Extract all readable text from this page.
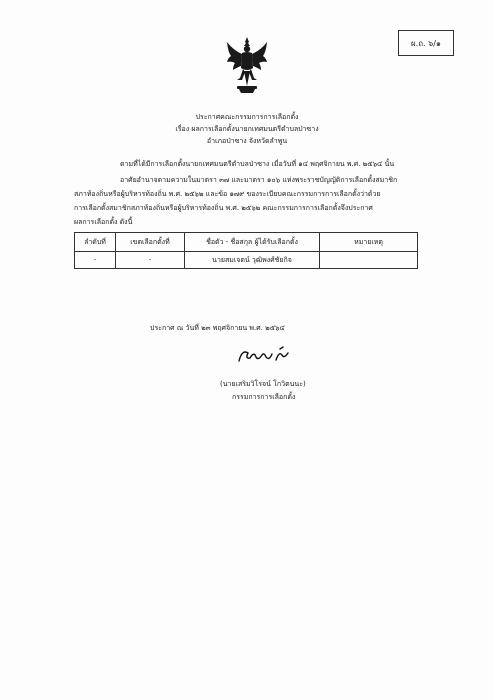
ผ.ถ. ๖/๑
ประกาศคณะกรรมการการเลือกตั้ง
เรื่อง ผลการเลือกตั้งนายกเทศมนตรีตำบลป่าซาง
อำเภอป่าซาง จังหวัดลำพูน
ตามที่ได้มีการเลือกตั้งนายกเทศมนตรีตำบลป่าซาง เมื่อวันที่ ๑๔ พฤศจิกายน พ.ศ. ๒๕๖๔ นั้น
อาศัยอำนาจตามความในมาตรา ๓๗ และมาตรา ๑๐๖ แห่งพระราชบัญญัติการเลือกตั้งสมาชิก
สภาท้องถิ่นหรือผู้บริหารท้องถิ่น พ.ศ. ๒๕๖๒ และข้อ ๑๗๙ ของระเบียบคณะกรรมการการเลือกตั้งว่าด้วย
การเลือกตั้งสมาชิกสภาท้องถิ่นหรือผู้บริหารท้องถิ่น พ.ศ. ๒๕๖๒ คณะกรรมการการเลือกตั้งจึงประกาศ
ผลการเลือกตั้ง ดังนี้
ลำดับที่	เขตเลือกตั้งที่	ชื่อตัว - ชื่อสกุล ผู้ได้รับเลือกตั้ง	หมายเหตุ
-	-	นายสมเจตน์ วุฒิพงศ์ชัยกิจ	
ประกาศ ณ วันที่ ๒๓ พฤศจิกายน พ.ศ. ๒๕๖๔
(นายเสริมวิโรจน์ โกวิตนนะ)
กรรมการการเลือกตั้ง
